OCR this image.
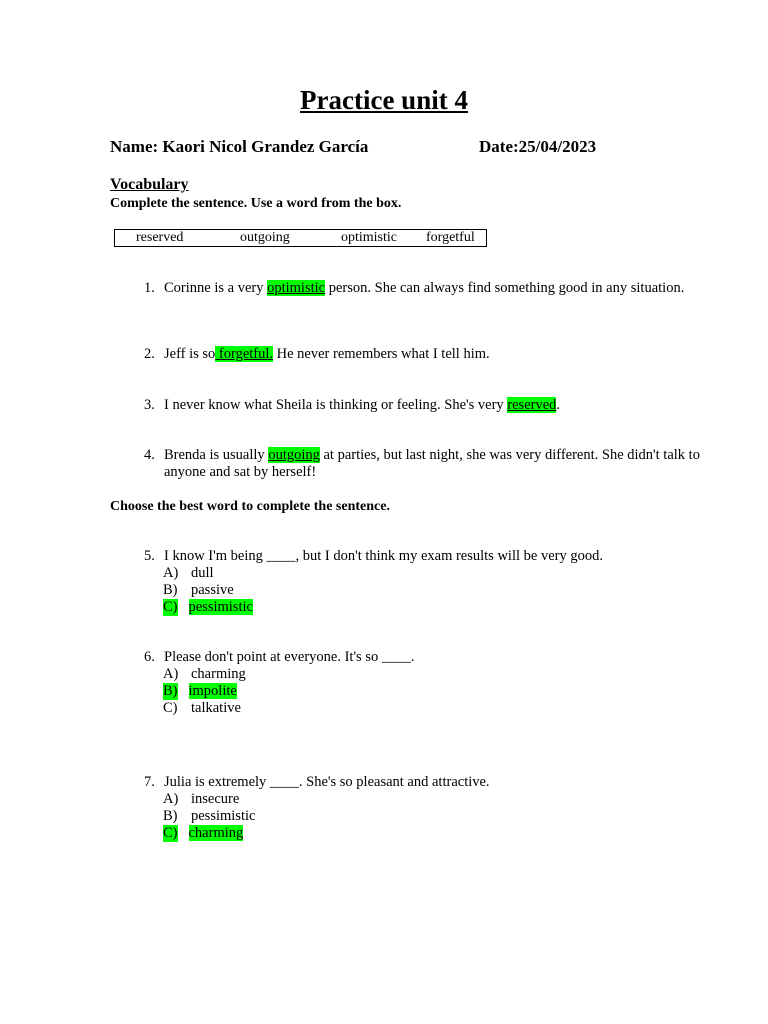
Practice unit 4
Name: Kaori Nicol Grandez García	Date:25/04/2023
Vocabulary
Complete the sentence. Use a word from the box.
reserved	outgoing	optimistic forgetful
1. Corinne is a very optimistic person. She can always find something good in any situation.
2. Jeff is so forgetful. He never remembers what I tell him.
3. I never know what Sheila is thinking or feeling. She's very reserved.
4. Brenda is usually outgoing at parties, but last night, she was very different. She didn't talk to anyone and sat by herself!
Choose the best word to complete the sentence.
5. I know I'm being ____, but I don't think my exam results will be very good.
A) dull
B) passive
C) pessimistic
6. Please don't point at everyone. It's so ____.
A) charming
B) impolite
C) talkative
7. Julia is extremely ____. She's so pleasant and attractive.
A) insecure
B) pessimistic
C) charming
